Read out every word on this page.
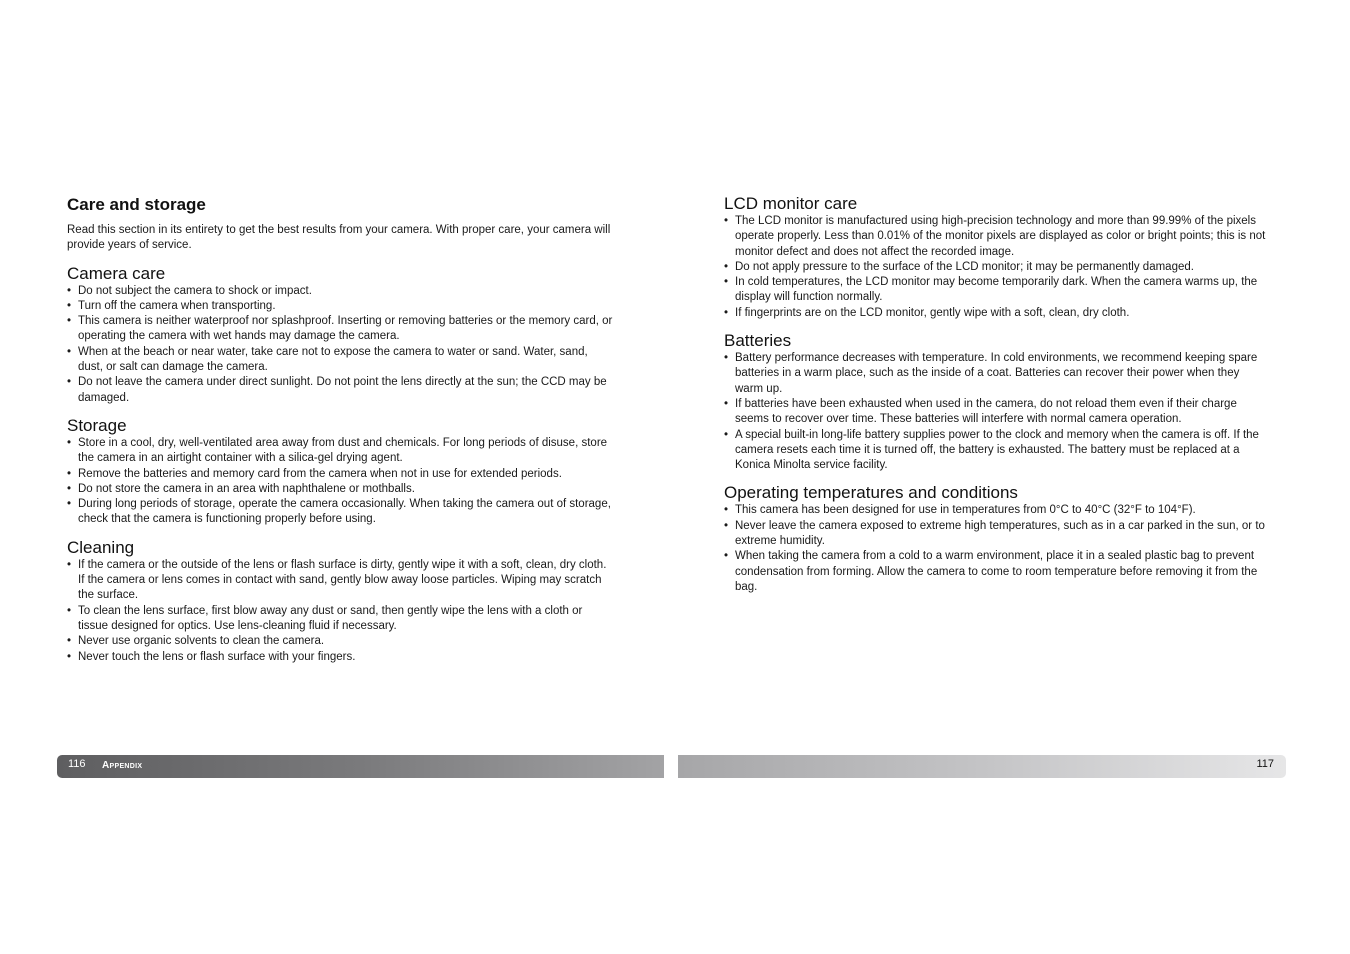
Care and storage

Read this section in its entirety to get the best results from your camera. With proper care, your camera will provide years of service.

Camera care
• Do not subject the camera to shock or impact.
• Turn off the camera when transporting.
• This camera is neither waterproof nor splashproof. Inserting or removing batteries or the memory card, or operating the camera with wet hands may damage the camera.
• When at the beach or near water, take care not to expose the camera to water or sand. Water, sand, dust, or salt can damage the camera.
• Do not leave the camera under direct sunlight. Do not point the lens directly at the sun; the CCD may be damaged.
Storage
• Store in a cool, dry, well-ventilated area away from dust and chemicals. For long periods of disuse, store the camera in an airtight container with a silica-gel drying agent.
• Remove the batteries and memory card from the camera when not in use for extended periods.
• Do not store the camera in an area with naphthalene or mothballs.
• During long periods of storage, operate the camera occasionally. When taking the camera out of storage, check that the camera is functioning properly before using.
Cleaning
• If the camera or the outside of the lens or flash surface is dirty, gently wipe it with a soft, clean, dry cloth. If the camera or lens comes in contact with sand, gently blow away loose particles. Wiping may scratch the surface.
• To clean the lens surface, first blow away any dust or sand, then gently wipe the lens with a cloth or tissue designed for optics. Use lens-cleaning fluid if necessary.
• Never use organic solvents to clean the camera.
• Never touch the lens or flash surface with your fingers.
LCD monitor care
• The LCD monitor is manufactured using high-precision technology and more than 99.99% of the pixels operate properly. Less than 0.01% of the monitor pixels are displayed as color or bright points; this is not monitor defect and does not affect the recorded image.
• Do not apply pressure to the surface of the LCD monitor; it may be permanently damaged.
• In cold temperatures, the LCD monitor may become temporarily dark. When the camera warms up, the display will function normally.
• If fingerprints are on the LCD monitor, gently wipe with a soft, clean, dry cloth.
Batteries
• Battery performance decreases with temperature. In cold environments, we recommend keeping spare batteries in a warm place, such as the inside of a coat. Batteries can recover their power when they warm up.
• If batteries have been exhausted when used in the camera, do not reload them even if their charge seems to recover over time. These batteries will interfere with normal camera operation.
• A special built-in long-life battery supplies power to the clock and memory when the camera is off. If the camera resets each time it is turned off, the battery is exhausted. The battery must be replaced at a Konica Minolta service facility.
Operating temperatures and conditions
• This camera has been designed for use in temperatures from 0°C to 40°C (32°F to 104°F).
• Never leave the camera exposed to extreme high temperatures, such as in a car parked in the sun, or to extreme humidity.
• When taking the camera from a cold to a warm environment, place it in a sealed plastic bag to prevent condensation from forming. Allow the camera to come to room temperature before removing it from the bag.
116 Appendix	117
